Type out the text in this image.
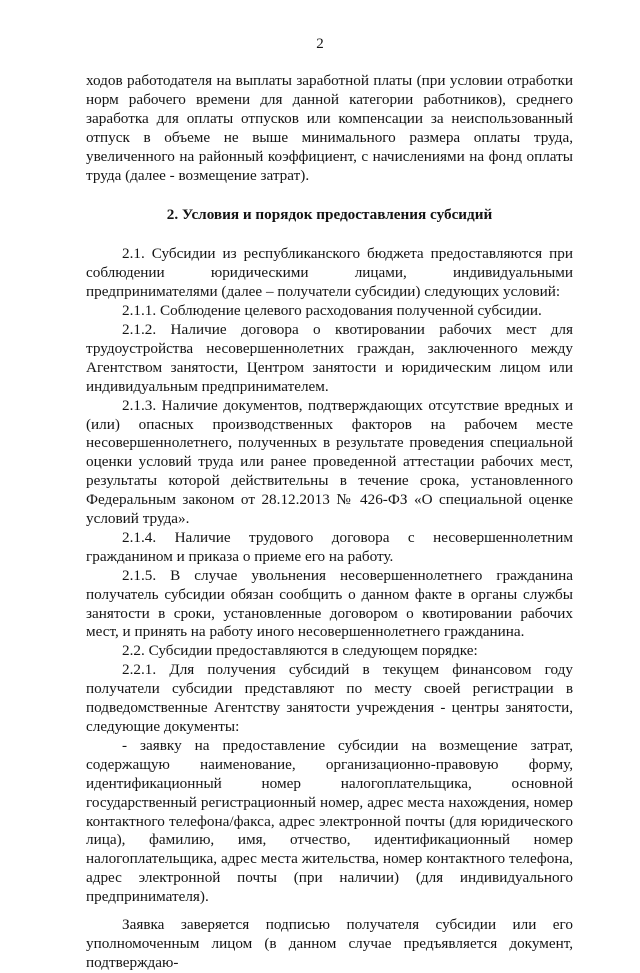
2

ходов работодателя на выплаты заработной платы (при условии отработки норм рабочего времени для данной категории работников), среднего заработка для оплаты отпусков или компенсации за неиспользованный отпуск в объеме не выше минимального размера оплаты труда, увеличенного на районный коэффициент, с начислениями на фонд оплаты труда (далее - возмещение затрат).

2. Условия и порядок предоставления субсидий

2.1. Субсидии из республиканского бюджета предоставляются при соблюдении юридическими лицами, индивидуальными предпринимателями (далее – получатели субсидии) следующих условий:

2.1.1. Соблюдение целевого расходования полученной субсидии.

2.1.2. Наличие договора о квотировании рабочих мест для трудоустройства несовершеннолетних граждан, заключенного между Агентством занятости, Центром занятости и юридическим лицом или индивидуальным предпринимателем.

2.1.3. Наличие документов, подтверждающих отсутствие вредных и (или) опасных производственных факторов на рабочем месте несовершеннолетнего, полученных в результате проведения специальной оценки условий труда или ранее проведенной аттестации рабочих мест, результаты которой действительны в течение срока, установленного Федеральным законом от 28.12.2013 № 426-ФЗ «О специальной оценке условий труда».

2.1.4. Наличие трудового договора с несовершеннолетним гражданином и приказа о приеме его на работу.

2.1.5. В случае увольнения несовершеннолетнего гражданина получатель субсидии обязан сообщить о данном факте в органы службы занятости в сроки, установленные договором о квотировании рабочих мест, и принять на работу иного несовершеннолетнего гражданина.

2.2. Субсидии предоставляются в следующем порядке:

2.2.1. Для получения субсидий в текущем финансовом году получатели субсидии представляют по месту своей регистрации в подведомственные Агентству занятости учреждения - центры занятости, следующие документы:

- заявку на предоставление субсидии на возмещение затрат, содержащую наименование, организационно-правовую форму, идентификационный номер налогоплательщика, основной государственный регистрационный номер, адрес места нахождения, номер контактного телефона/факса, адрес электронной почты (для юридического лица), фамилию, имя, отчество, идентификационный номер налогоплательщика, адрес места жительства, номер контактного телефона, адрес электронной почты (при наличии) (для индивидуального предпринимателя).

Заявка заверяется подписью получателя субсидии или его уполномоченным лицом (в данном случае предъявляется документ, подтверждаю-
